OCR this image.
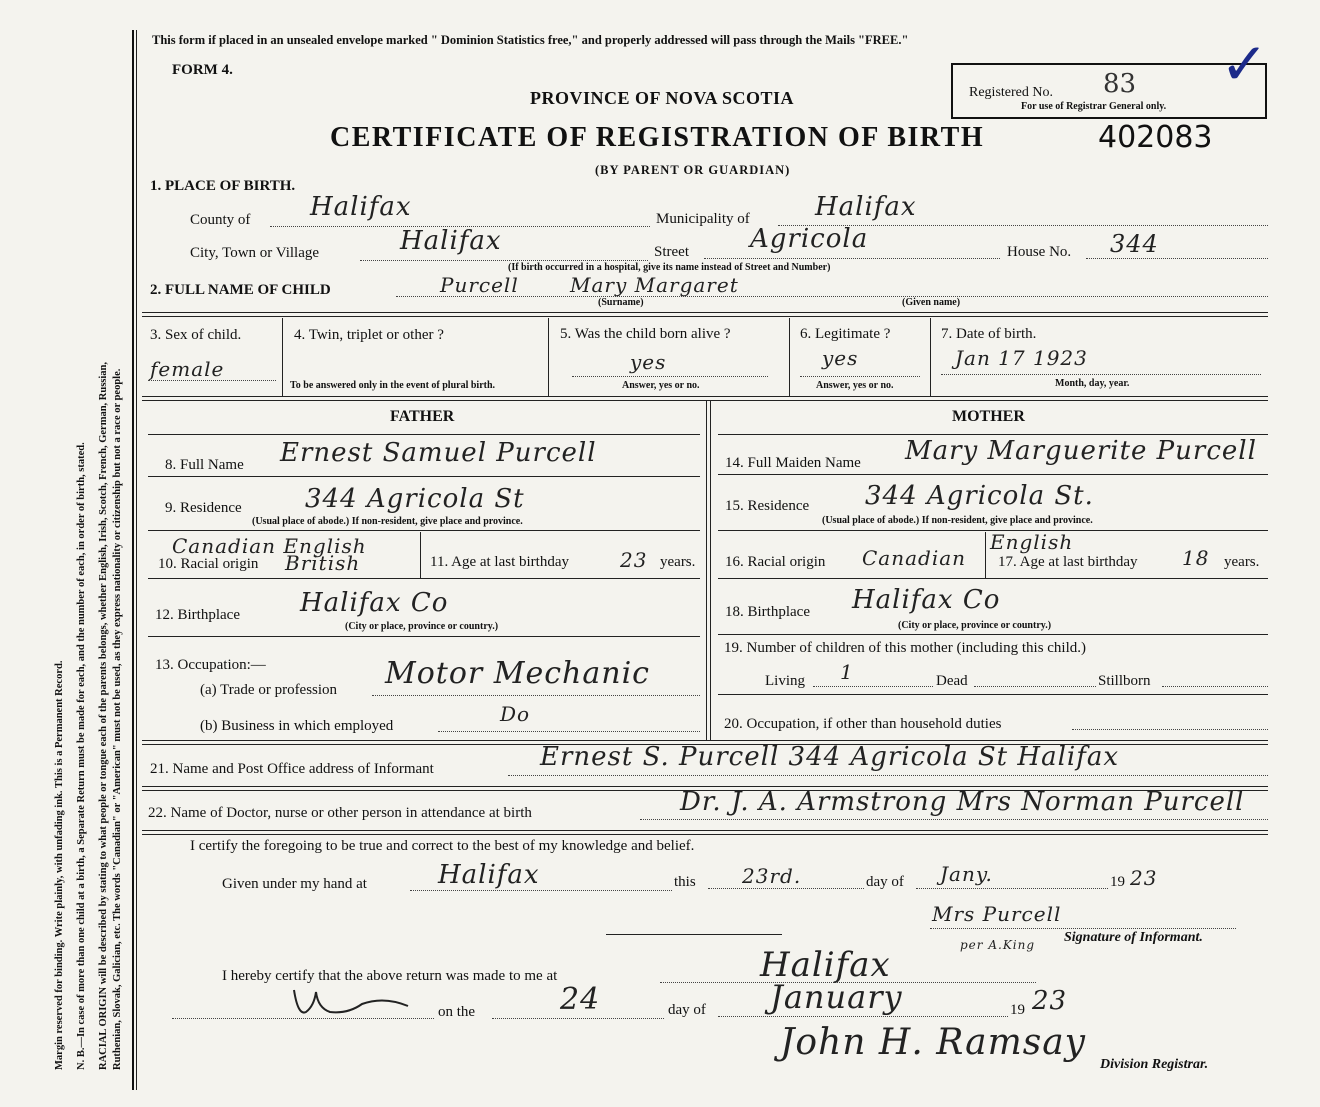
Margin reserved for binding. Write plainly, with unfading ink. This is a Permanent Record. N. B.—In case of more than one child at a birth, a Separate Return must be made for each, and the number of each, in order of birth, stated. RACIAL ORIGIN will be described by stating to what people or tongue each of the parents belongs, whether English, Irish, Scotch, French, German, Russian, Ruthenian, Slovak, Galician, etc. The words "Canadian" or "American" must not be used, as they express nationality or citizenship but not a race or people.
This form if placed in an unsealed envelope marked " Dominion Statistics free," and properly addressed will pass through the Mails "FREE."
FORM 4.
Registered No. 83
For use of Registrar General only.
✓
PROVINCE OF NOVA SCOTIA
CERTIFICATE OF REGISTRATION OF BIRTH	402083
(BY PARENT OR GUARDIAN)
1. PLACE OF BIRTH.
County of Halifax	Municipality of	Halifax
City, Town or Village	Halifax	Street Agricola	House No. 344
(If birth occurred in a hospital, give its name instead of Street and Number)
2. FULL NAME OF CHILD	Purcell	Mary Margaret
(Surname)	(Given name)
3. Sex of child.
female
4. Twin, triplet or other ?
To be answered only in the event of plural birth.
5. Was the child born alive ?
yes
Answer, yes or no.
6. Legitimate ?
yes
Answer, yes or no.
7. Date of birth.
Jan 17 1923
Month, day, year.
FATHER	MOTHER
8. Full Name Ernest Samuel Purcell
9. Residence 344 Agricola St
(Usual place of abode.) If non-resident, give place and province.
Canadian English
10. Racial origin British	11. Age at last birthday	23 years.
12. Birthplace Halifax Co
(City or place, province or country.)
13. Occupation:—
(a) Trade or profession Motor Mechanic
(b) Business in which employed	Do
14. Full Maiden Name Mary Marguerite Purcell
15. Residence 344 Agricola St.
(Usual place of abode.) If non-resident, give place and province.
16. Racial origin Canadian
English
17. Age at last birthday 18 years.
18. Birthplace Halifax Co
(City or place, province or country.)
19. Number of children of this mother (including this child.)
Living 1	Dead	Stillborn
20. Occupation, if other than household duties
21. Name and Post Office address of Informant	Ernest S. Purcell 344 Agricola St Halifax
22. Name of Doctor, nurse or other person in attendance at birth	Dr. J. A. Armstrong Mrs Norman Purcell
I certify the foregoing to be true and correct to the best of my knowledge and belief.
Given under my hand at	Halifax	this 23rd.	day of Jany.	19 23
Mrs Purcell
Signature of Informant.
I hereby certify that the above return was made to me at	Halifax	per A.King
on the	24	day of January	19 23
John H. Ramsay
Division Registrar.
